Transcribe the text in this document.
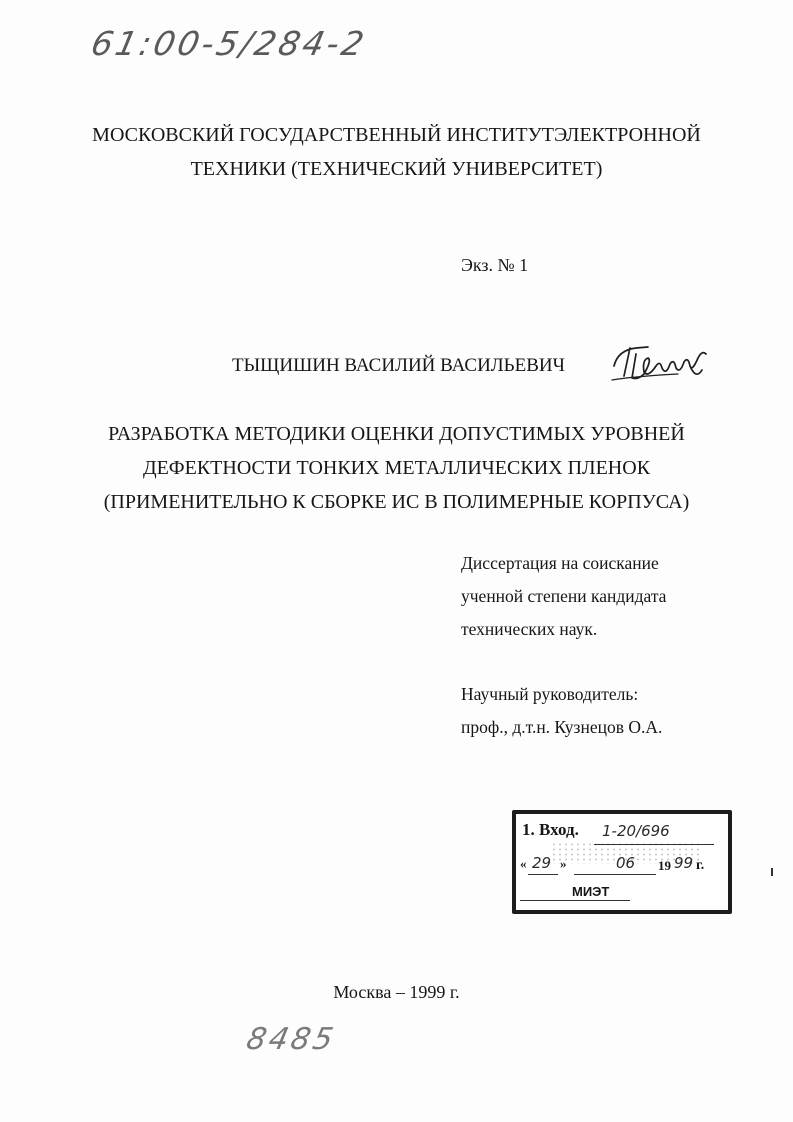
61:00-5/284-2
МОСКОВСКИЙ ГОСУДАРСТВЕННЫЙ ИНСТИТУТЭЛЕКТРОННОЙ
ТЕХНИКИ (ТЕХНИЧЕСКИЙ УНИВЕРСИТЕТ)
Экз. № 1
ТЫЩИШИН ВАСИЛИЙ ВАСИЛЬЕВИЧ
РАЗРАБОТКА МЕТОДИКИ ОЦЕНКИ ДОПУСТИМЫХ УРОВНЕЙ
ДЕФЕКТНОСТИ ТОНКИХ МЕТАЛЛИЧЕСКИХ ПЛЕНОК
(ПРИМЕНИТЕЛЬНО К СБОРКЕ ИС В ПОЛИМЕРНЫЕ КОРПУСА)
Диссертация на соискание
ученной степени кандидата
технических наук.
Научный руководитель:
проф., д.т.н. Кузнецов О.А.
1. Вход. 1-20/696
« 29 »	06 19 99 г.
МИЭТ
Москва – 1999 г.
8485
